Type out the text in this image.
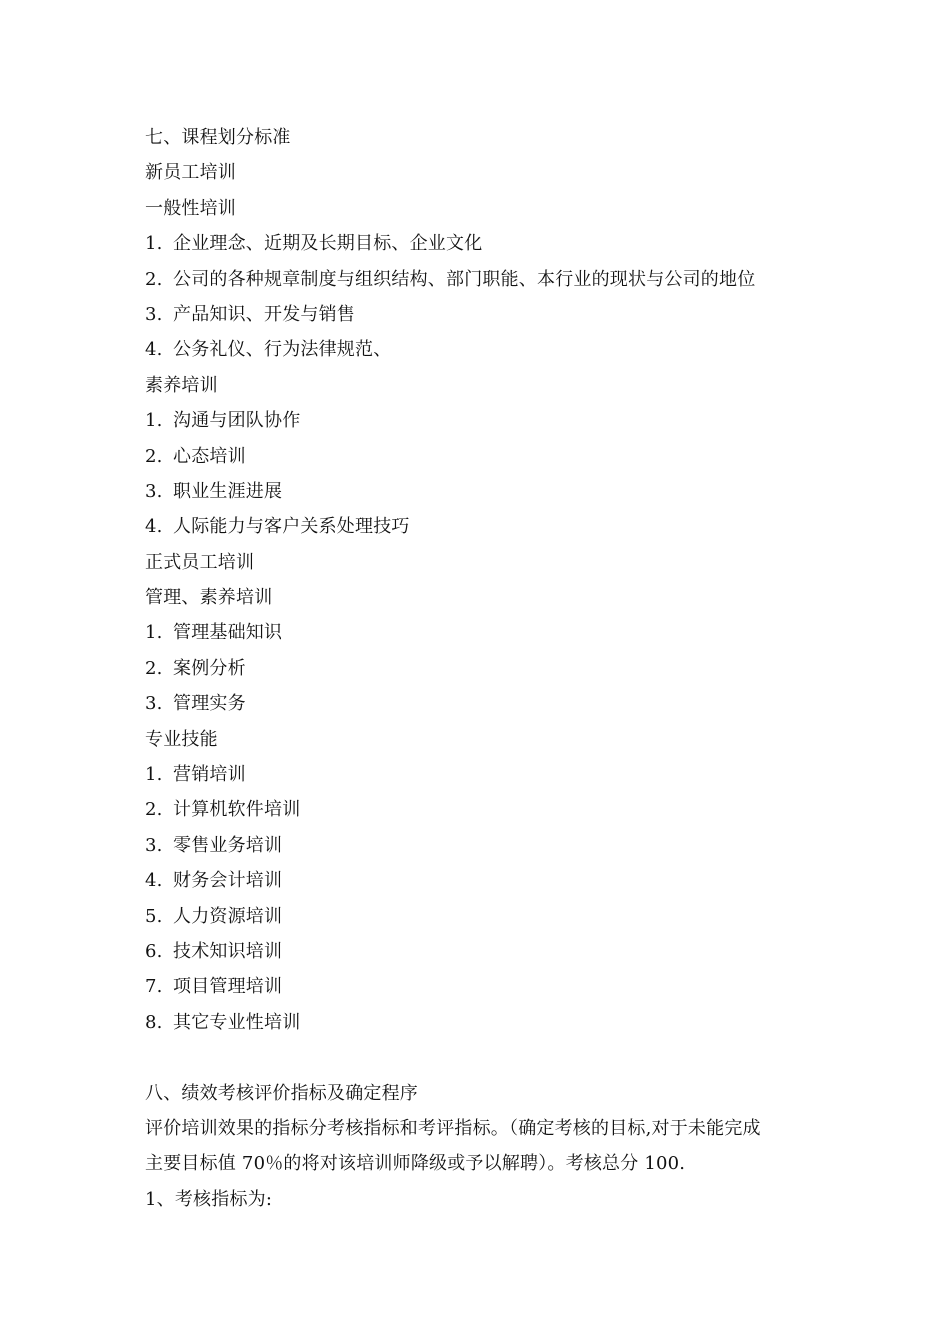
七、课程划分标准
新员工培训
一般性培训
1. 企业理念、近期及长期目标、企业文化
2. 公司的各种规章制度与组织结构、部门职能、本行业的现状与公司的地位
3. 产品知识、开发与销售
4. 公务礼仪、行为法律规范、
素养培训
1. 沟通与团队协作
2. 心态培训
3. 职业生涯进展
4. 人际能力与客户关系处理技巧
正式员工培训
管理、素养培训
1. 管理基础知识
2. 案例分析
3. 管理实务
专业技能
1. 营销培训
2. 计算机软件培训
3. 零售业务培训
4. 财务会计培训
5. 人力资源培训
6. 技术知识培训
7. 项目管理培训
8. 其它专业性培训
八、绩效考核评价指标及确定程序
评价培训效果的指标分考核指标和考评指标。（确定考核的目标,对于未能完成
主要目标值 70％的将对该培训师降级或予以解聘）。考核总分 100.
1、考核指标为:
